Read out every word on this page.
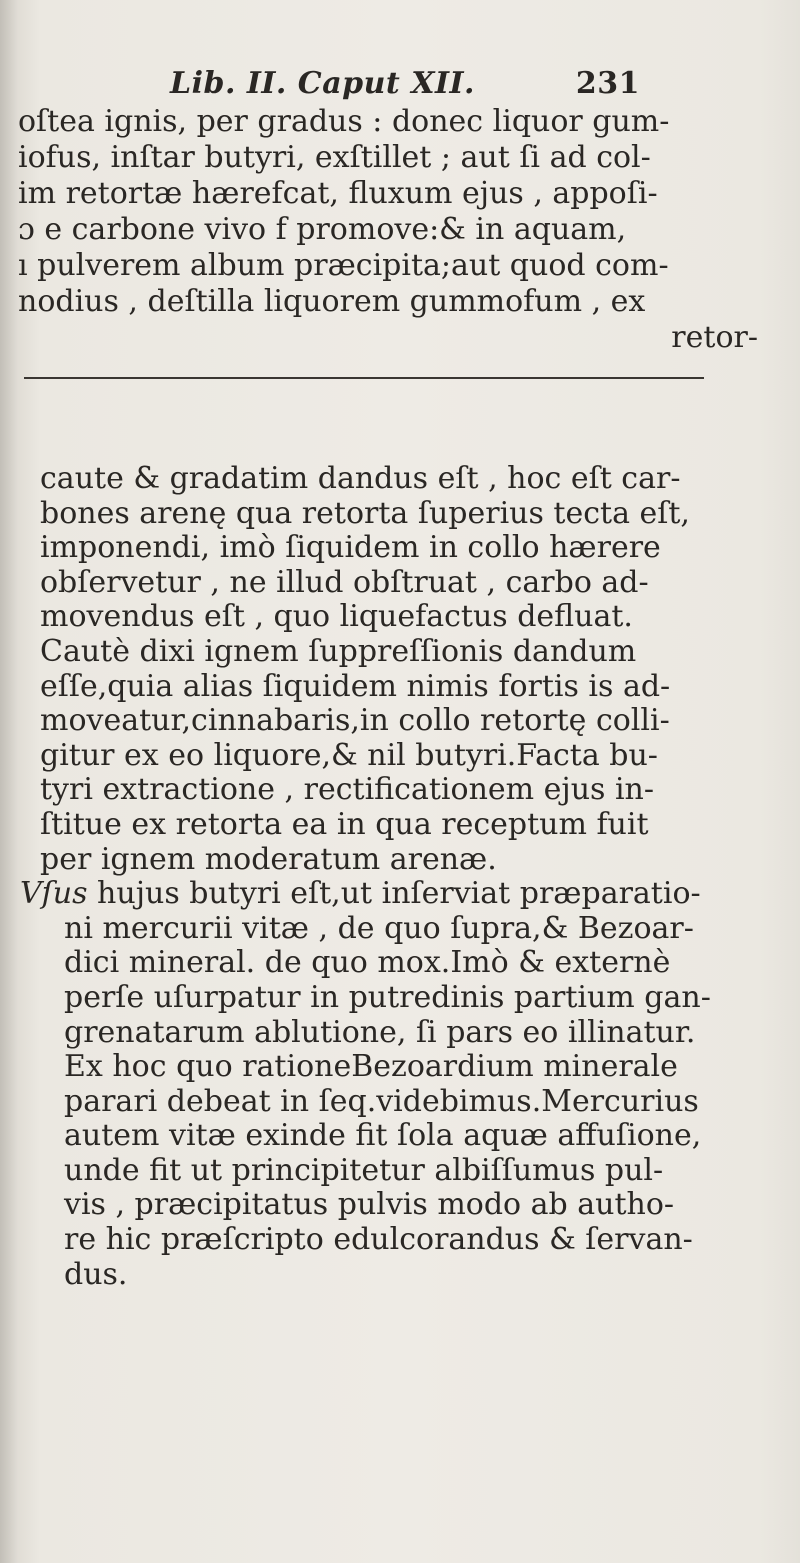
Lib. II. Caput XII.	231
oſtea ignis, per gradus : donec liquor gum-
iofus, inſtar butyri, exſtillet ; aut ſi ad col-
im retortæ hærefcat, fluxum ejus , appoſi-
ɔ e carbone vivo f promove:& in aquam,
ı pulverem album præcipita;aut quod com-
nodius , deſtilla liquorem gummofum , ex
retor-
caute & gradatim dandus eſt , hoc eſt car-
bones arenę qua retorta ſuperius tecta eſt,
imponendi, imò ſiquidem in collo hærere
obſervetur , ne illud obſtruat , carbo ad-
movendus eſt , quo liquefactus defluat.
Cautè dixi ignem ſuppreſſionis dandum
eſſe,quia alias ſiquidem nimis fortis is ad-
moveatur,cinnabaris,in collo retortę colli-
gitur ex eo liquore,& nil butyri.Facta bu-
tyri extractione , rectificationem ejus in-
ſtitue ex retorta ea in qua receptum fuit
per ignem moderatum arenæ.
Vſus hujus butyri eſt,ut inſerviat præparatio-
ni mercurii vitæ , de quo ſupra,& Bezoar-
dici mineral. de quo mox.Imò & externè
perſe uſurpatur in putredinis partium gan-
grenatarum ablutione, ſi pars eo illinatur.
Ex hoc quo rationeBezoardium minerale
parari debeat in ſeq.videbimus.Mercurius
autem vitæ exinde fit ſola aquæ affuſione,
unde fit ut principitetur albiſſumus pul-
vis , præcipitatus pulvis modo ab autho-
re hic præſcripto edulcorandus & ſervan-
dus.
